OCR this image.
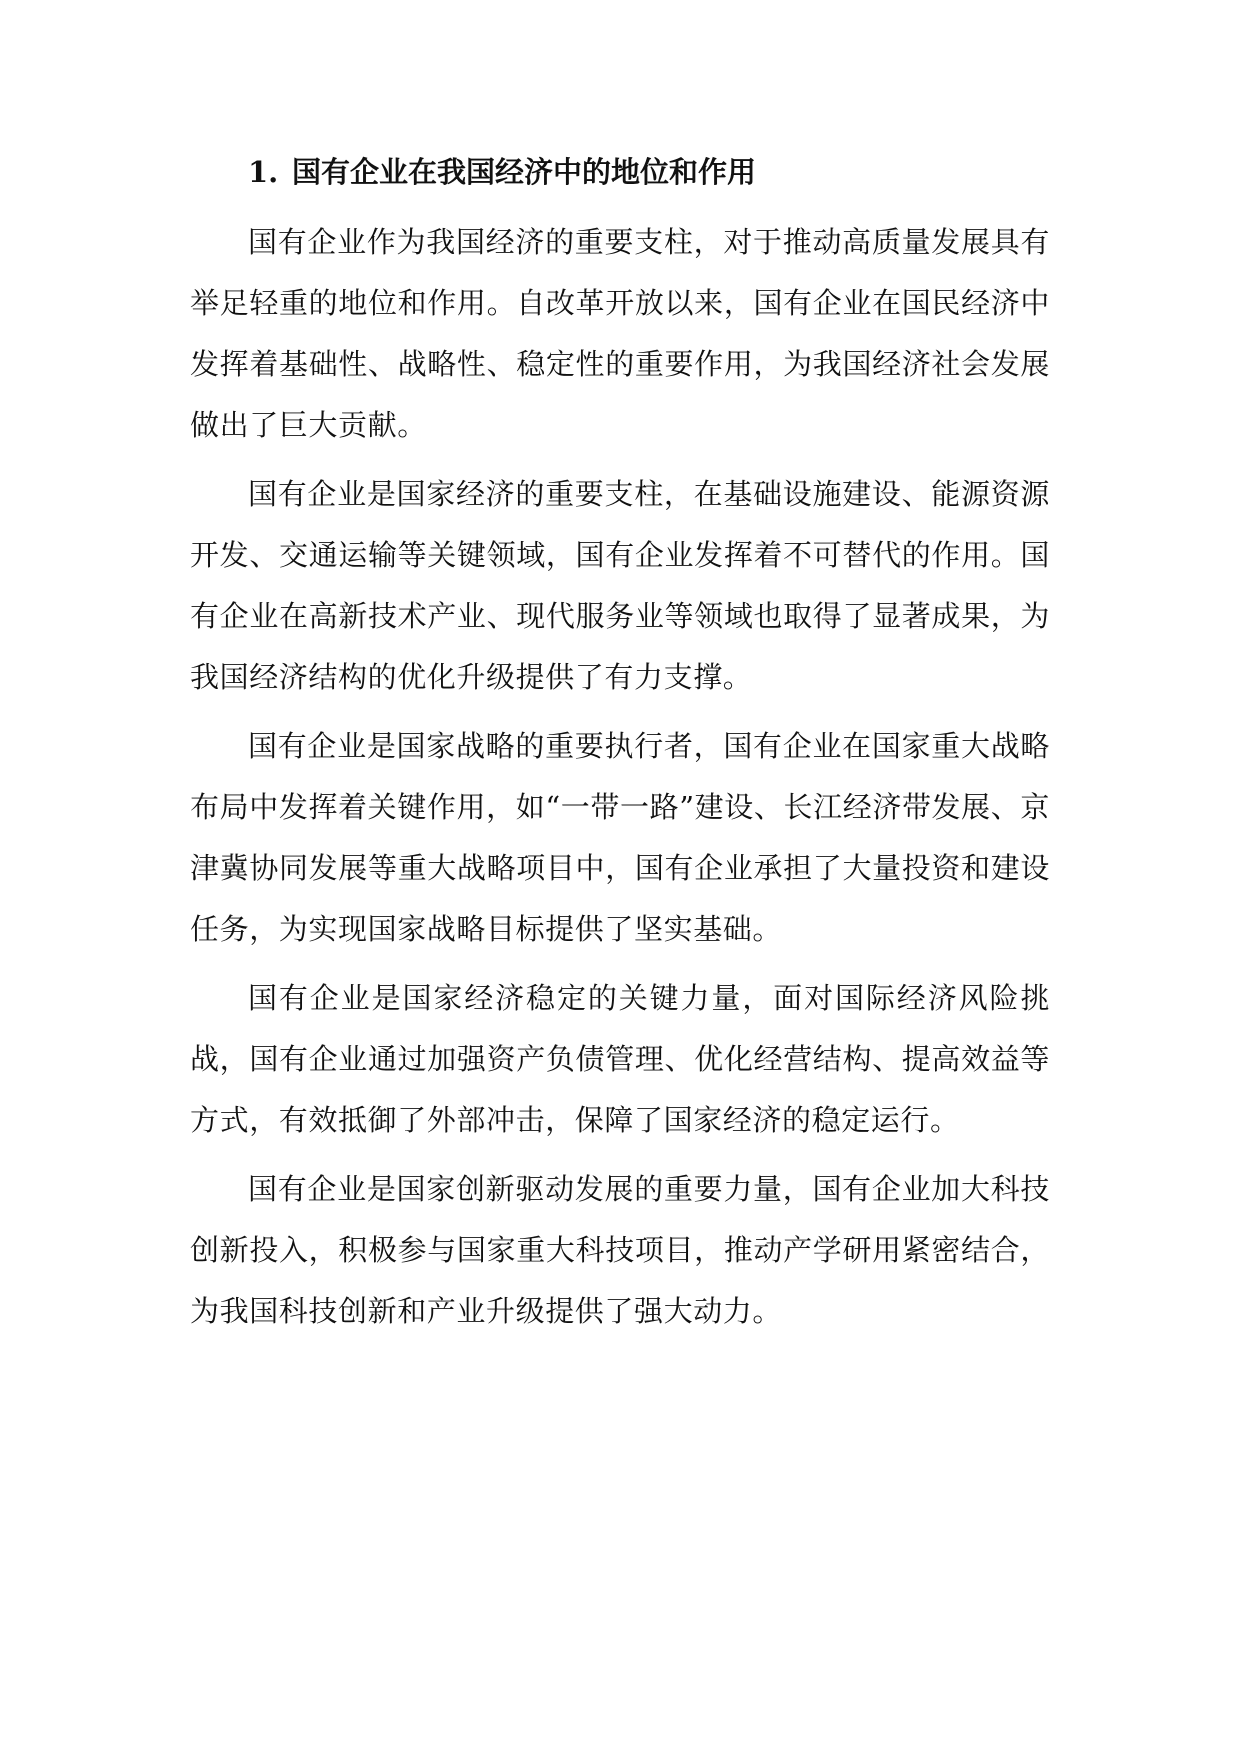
1. 国有企业在我国经济中的地位和作用

国有企业作为我国经济的重要支柱，对于推动高质量发展具有举足轻重的地位和作用。自改革开放以来，国有企业在国民经济中发挥着基础性、战略性、稳定性的重要作用，为我国经济社会发展做出了巨大贡献。

国有企业是国家经济的重要支柱，在基础设施建设、能源资源开发、交通运输等关键领域，国有企业发挥着不可替代的作用。国有企业在高新技术产业、现代服务业等领域也取得了显著成果，为我国经济结构的优化升级提供了有力支撑。

国有企业是国家战略的重要执行者，国有企业在国家重大战略布局中发挥着关键作用，如“一带一路”建设、长江经济带发展、京津冀协同发展等重大战略项目中，国有企业承担了大量投资和建设任务，为实现国家战略目标提供了坚实基础。

国有企业是国家经济稳定的关键力量，面对国际经济风险挑战，国有企业通过加强资产负债管理、优化经营结构、提高效益等方式，有效抵御了外部冲击，保障了国家经济的稳定运行。

国有企业是国家创新驱动发展的重要力量，国有企业加大科技创新投入，积极参与国家重大科技项目，推动产学研用紧密结合，为我国科技创新和产业升级提供了强大动力。
